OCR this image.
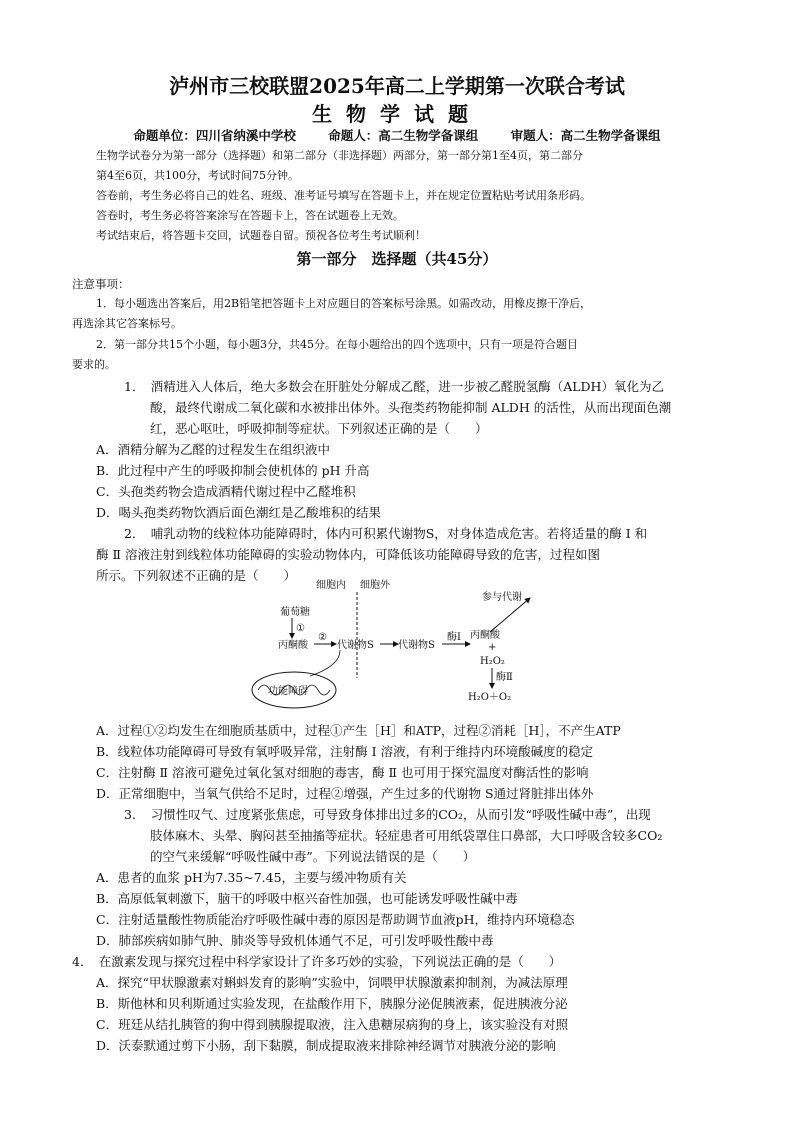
泸州市三校联盟2025年高二上学期第一次联合考试
生物学试题
命题单位：四川省纳溪中学校	命题人：高二生物学备课组	审题人：高二生物学备课组
生物学试卷分为第一部分（选择题）和第二部分（非选择题）两部分，第一部分第1至4页，第二部分
第4至6页，共100分，考试时间75分钟。
答卷前，考生务必将自己的姓名、班级、准考证号填写在答题卡上，并在规定位置粘贴考试用条形码。
答卷时，考生务必将答案涂写在答题卡上，答在试题卷上无效。
考试结束后，将答题卡交回，试题卷自留。预祝各位考生考试顺利！
第一部分　选择题（共45分）
注意事项：
1．每小题选出答案后，用2B铅笔把答题卡上对应题目的答案标号涂黑。如需改动，用橡皮擦干净后，
再选涂其它答案标号。
2．第一部分共15个小题，每小题3分，共45分。在每小题给出的四个选项中，只有一项是符合题目
要求的。
1．　酒精进入人体后，绝大多数会在肝脏处分解成乙醛，进一步被乙醛脱氢酶（ALDH）氧化为乙
酸，最终代谢成二氧化碳和水被排出体外。头孢类药物能抑制 ALDH 的活性，从而出现面色潮
红，恶心呕吐，呼吸抑制等症状。下列叙述正确的是（　　）
A．酒精分解为乙醛的过程发生在组织液中
B．此过程中产生的呼吸抑制会使机体的 pH 升高
C．头孢类药物会造成酒精代谢过程中乙醛堆积
D．喝头孢类药物饮酒后面色潮红是乙酸堆积的结果
2．　哺乳动物的线粒体功能障碍时，体内可积累代谢物S，对身体造成危害。若将适量的酶 Ⅰ 和
酶 Ⅱ 溶液注射到线粒体功能障碍的实验动物体内，可降低该功能障碍导致的危害，过程如图
所示。下列叙述不正确的是（　　）
细胞内 细胞外
葡萄糖
①
丙酮酸
②
代谢物S 代谢物S
酶Ⅰ 丙酮酸
参与代谢
+
H₂O₂
酶Ⅱ
H₂O＋O₂
功能障碍
A．过程①②均发生在细胞质基质中，过程①产生［H］和ATP，过程②消耗［H］，不产生ATP
B．线粒体功能障碍可导致有氧呼吸异常，注射酶 Ⅰ 溶液，有利于维持内环境酸碱度的稳定
C．注射酶 Ⅱ 溶液可避免过氧化氢对细胞的毒害，酶 Ⅱ 也可用于探究温度对酶活性的影响
D．正常细胞中，当氧气供给不足时，过程②增强，产生过多的代谢物 S通过肾脏排出体外
3．　习惯性叹气、过度紧张焦虑，可导致身体排出过多的CO₂，从而引发“呼吸性碱中毒”，出现
肢体麻木、头晕、胸闷甚至抽搐等症状。轻症患者可用纸袋罩住口鼻部，大口呼吸含较多CO₂
的空气来缓解“呼吸性碱中毒”。下列说法错误的是（　　）
A．患者的血浆 pH为7.35~7.45，主要与缓冲物质有关
B．高原低氧刺激下，脑干的呼吸中枢兴奋性加强，也可能诱发呼吸性碱中毒
C．注射适量酸性物质能治疗呼吸性碱中毒的原因是帮助调节血液pH，维持内环境稳态
D．肺部疾病如肺气肿、肺炎等导致机体通气不足，可引发呼吸性酸中毒
4．　在激素发现与探究过程中科学家设计了许多巧妙的实验，下列说法正确的是（　　）
A．探究“甲状腺激素对蝌蚪发育的影响”实验中，饲喂甲状腺激素抑制剂，为减法原理
B．斯他林和贝利斯通过实验发现，在盐酸作用下，胰腺分泌促胰液素，促进胰液分泌
C．班廷从结扎胰管的狗中得到胰腺提取液，注入患糖尿病狗的身上，该实验没有对照
D．沃泰默通过剪下小肠，刮下黏膜，制成提取液来排除神经调节对胰液分泌的影响
